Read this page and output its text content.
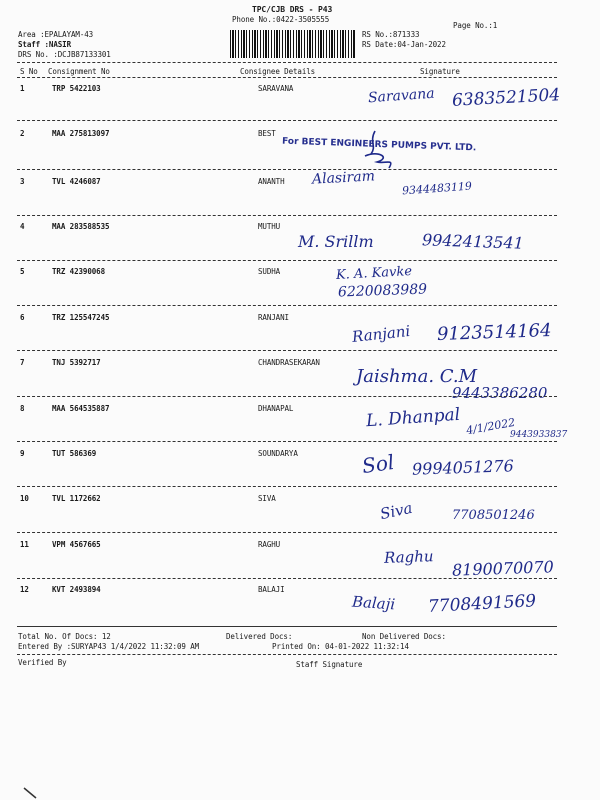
TPC/CJB DRS - P43
Phone No.:0422-3505555
Page No.:1
Area :EPALAYAM-43
Staff :NASIR
DRS No. :DCJB87133301
RS No.:871333
RS Date:04-Jan-2022
S No Consignment No	Consignee Details	Signature
1	TRP 5422103	SARAVANA	Saravana 6383521504
2	MAA 275813097	BEST
For BEST ENGINEERS PUMPS PVT. LTD.
3	TVL 4246087	ANANTH Alasiram
9344483119
4	MAA 283588535	MUTHU
M. Srillm	9942413541
5	TRZ 42390068	SUDHA	K. A. Kavke
6220083989
6	TRZ 125547245	RANJANI
Ranjani 9123514164
7	TNJ 5392717	CHANDRASEKARAN
Jaishma. C.M
9443386280
8	MAA 564535887	DHANAPAL	L. Dhanpal 4/1/2022
9443933837
9	TUT 586369	SOUNDARYA	Sol 9994051276
10	TVL 1172662	SIVA
Siva	7708501246
11	VPM 4567665	RAGHU
Raghu
8190070070
12	KVT 2493894	BALAJI
Balaji 7708491569
Total No. Of Docs: 12	Delivered Docs:	Non Delivered Docs:
Entered By :SURYAP43 1/4/2022 11:32:09 AM	Printed On: 04-01-2022 11:32:14
Verified By	Staff Signature
